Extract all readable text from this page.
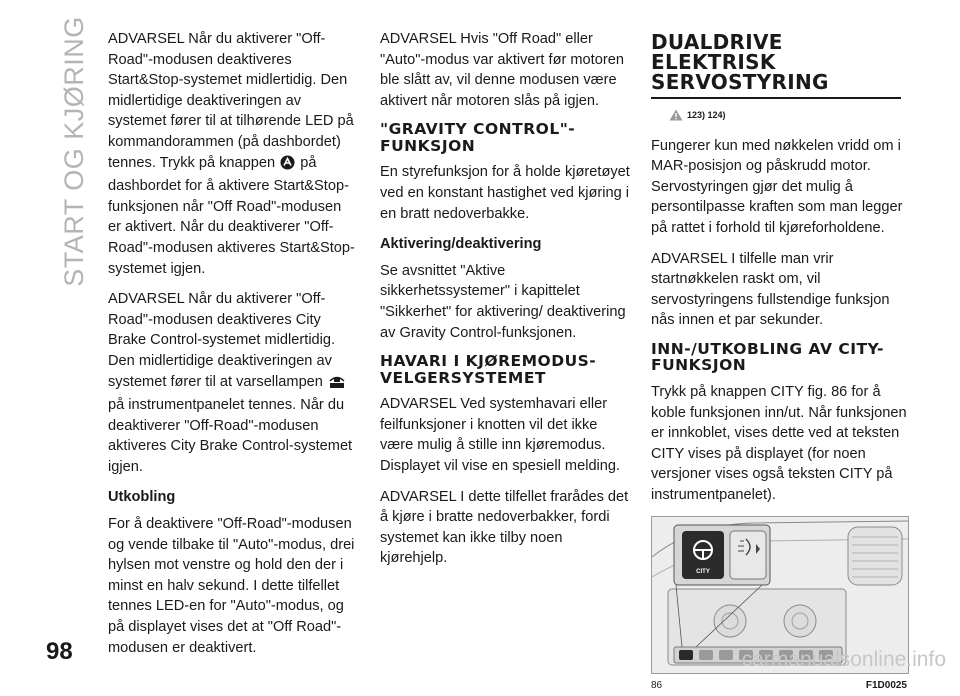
START OG KJØRING
98

ADVARSEL Når du aktiverer "Off-Road"-modusen deaktiveres Start&Stop-systemet midlertidig. Den midlertidige deaktiveringen av systemet fører til at tilhørende LED på kommandorammen (på dashbordet) tennes. Trykk på knappen på dashbordet for å aktivere Start&Stop-funksjonen når "Off Road"-modusen er aktivert. Når du deaktiverer "Off-Road"-modusen aktiveres Start&Stop-systemet igjen.

ADVARSEL Når du aktiverer "Off-Road"-modusen deaktiveres City Brake Control-systemet midlertidig. Den midlertidige deaktiveringen av systemet fører til at varsellampen  på instrumentpanelet tennes. Når du deaktiverer "Off-Road"-modusen aktiveres City Brake Control-systemet igjen.

Utkobling

For å deaktivere "Off-Road"-modusen og vende tilbake til "Auto"-modus, drei hylsen mot venstre og hold den der i minst en halv sekund. I dette tilfellet tennes LED-en for "Auto"-modus, og på displayet vises det at "Off Road"-modusen er deaktivert.

ADVARSEL Hvis "Off Road" eller "Auto"-modus var aktivert før motoren ble slått av, vil denne modusen være aktivert når motoren slås på igjen.

"GRAVITY CONTROL"-FUNKSJON

En styrefunksjon for å holde kjøretøyet ved en konstant hastighet ved kjøring i en bratt nedoverbakke.

Aktivering/deaktivering

Se avsnittet "Aktive sikkerhetssystemer" i kapittelet "Sikkerhet" for aktivering/ deaktivering av Gravity Control-funksjonen.

HAVARI I KJØREMODUS-VELGERSYSTEMET

ADVARSEL Ved systemhavari eller feilfunksjoner i knotten vil det ikke være mulig å stille inn kjøremodus. Displayet vil vise en spesiell melding.

ADVARSEL I dette tilfellet frarådes det å kjøre i bratte nedoverbakker, fordi systemet kan ikke tilby noen kjørehjelp.

DUALDRIVE
ELEKTRISK
SERVOSTYRING
123) 124)

Fungerer kun med nøkkelen vridd om i MAR-posisjon og påskrudd motor. Servostyringen gjør det mulig å persontilpasse kraften som man legger på rattet i forhold til kjøreforholdene.

ADVARSEL I tilfelle man vrir startnøkkelen raskt om, vil servostyringens fullstendige funksjon nås innen et par sekunder.

INN-/UTKOBLING AV CITY-FUNKSJON

Trykk på knappen CITY fig. 86 for å koble funksjonen inn/ut. Når funksjonen er innkoblet, vises dette ved at teksten CITY vises på displayet (for noen versjoner vises også teksten CITY på instrumentpanelet).

CITY
86	F1D0025
carmanualsonline.info
